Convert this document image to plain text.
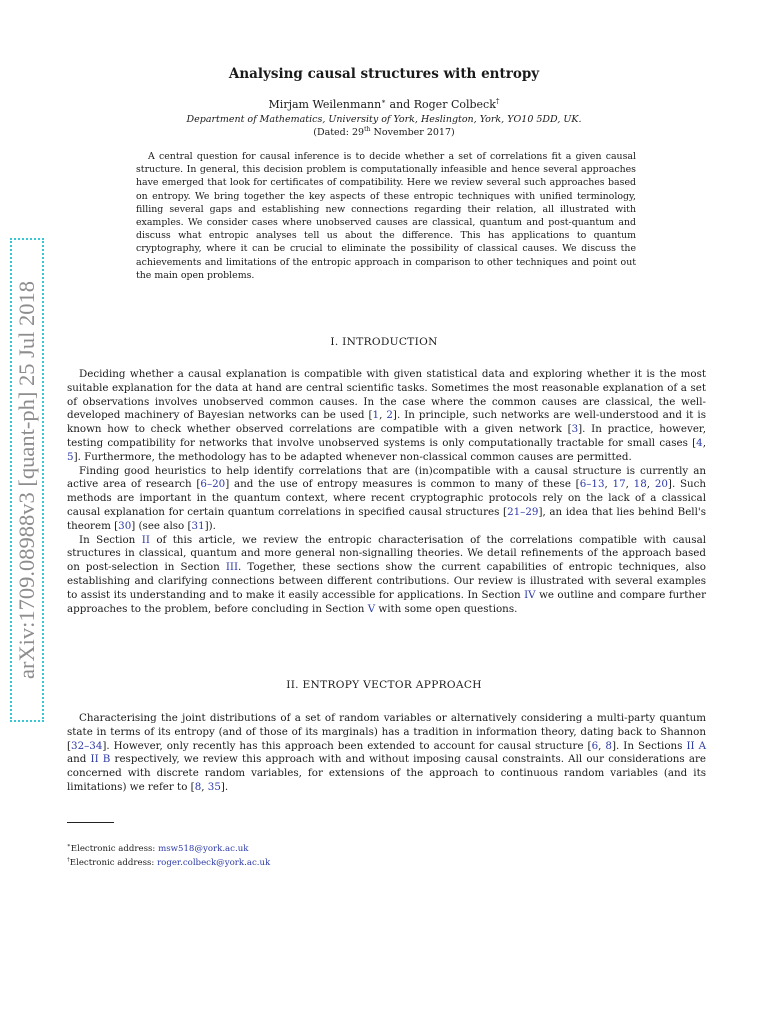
arXiv:1709.08988v3 [quant-ph] 25 Jul 2018
Analysing causal structures with entropy
Mirjam Weilenmann∗ and Roger Colbeck†
Department of Mathematics, University of York, Heslington, York, YO10 5DD, UK.
(Dated: 29th November 2017)
A central question for causal inference is to decide whether a set of correlations fit a given causal structure. In general, this decision problem is computationally infeasible and hence several approaches have emerged that look for certificates of compatibility. Here we review several such approaches based on entropy. We bring together the key aspects of these entropic techniques with unified terminology, filling several gaps and establishing new connections regarding their relation, all illustrated with examples. We consider cases where unobserved causes are classical, quantum and post-quantum and discuss what entropic analyses tell us about the difference. This has applications to quantum cryptography, where it can be crucial to eliminate the possibility of classical causes. We discuss the achievements and limitations of the entropic approach in comparison to other techniques and point out the main open problems.
I. INTRODUCTION

Deciding whether a causal explanation is compatible with given statistical data and exploring whether it is the most suitable explanation for the data at hand are central scientific tasks. Sometimes the most reasonable explanation of a set of observations involves unobserved common causes. In the case where the common causes are classical, the well-developed machinery of Bayesian networks can be used [1, 2]. In principle, such networks are well-understood and it is known how to check whether observed correlations are compatible with a given network [3]. In practice, however, testing compatibility for networks that involve unobserved systems is only computationally tractable for small cases [4, 5]. Furthermore, the methodology has to be adapted whenever non-classical common causes are permitted.

Finding good heuristics to help identify correlations that are (in)compatible with a causal structure is currently an active area of research [6–20] and the use of entropy measures is common to many of these [6–13, 17, 18, 20]. Such methods are important in the quantum context, where recent cryptographic protocols rely on the lack of a classical causal explanation for certain quantum correlations in specified causal structures [21–29], an idea that lies behind Bell's theorem [30] (see also [31]).

In Section II of this article, we review the entropic characterisation of the correlations compatible with causal structures in classical, quantum and more general non-signalling theories. We detail refinements of the approach based on post-selection in Section III. Together, these sections show the current capabilities of entropic techniques, also establishing and clarifying connections between different contributions. Our review is illustrated with several examples to assist its understanding and to make it easily accessible for applications. In Section IV we outline and compare further approaches to the problem, before concluding in Section V with some open questions.

II. ENTROPY VECTOR APPROACH

Characterising the joint distributions of a set of random variables or alternatively considering a multi-party quantum state in terms of its entropy (and of those of its marginals) has a tradition in information theory, dating back to Shannon [32–34]. However, only recently has this approach been extended to account for causal structure [6, 8]. In Sections II A and II B respectively, we review this approach with and without imposing causal constraints. All our considerations are concerned with discrete random variables, for extensions of the approach to continuous random variables (and its limitations) we refer to [8, 35].

∗Electronic address: msw518@york.ac.uk
†Electronic address: roger.colbeck@york.ac.uk
